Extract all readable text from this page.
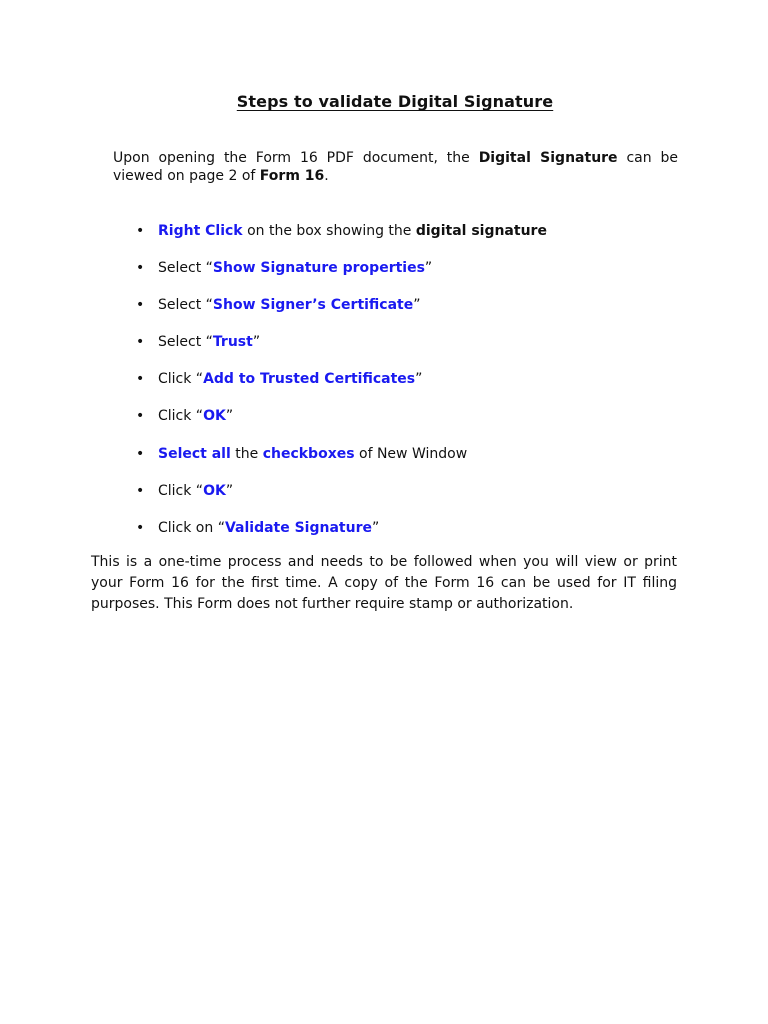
Steps to validate Digital Signature
Upon opening the Form 16 PDF document, the Digital Signature can be viewed on page 2 of Form 16.
• Right Click on the box showing the digital signature
• Select “Show Signature properties”
• Select “Show Signer’s Certificate”
• Select “Trust”
• Click “Add to Trusted Certificates”
• Click “OK”
• Select all the checkboxes of New Window
• Click “OK”
• Click on “Validate Signature”
This is a one-time process and needs to be followed when you will view or print your Form 16 for the first time. A copy of the Form 16 can be used for IT filing purposes. This Form does not further require stamp or authorization.
